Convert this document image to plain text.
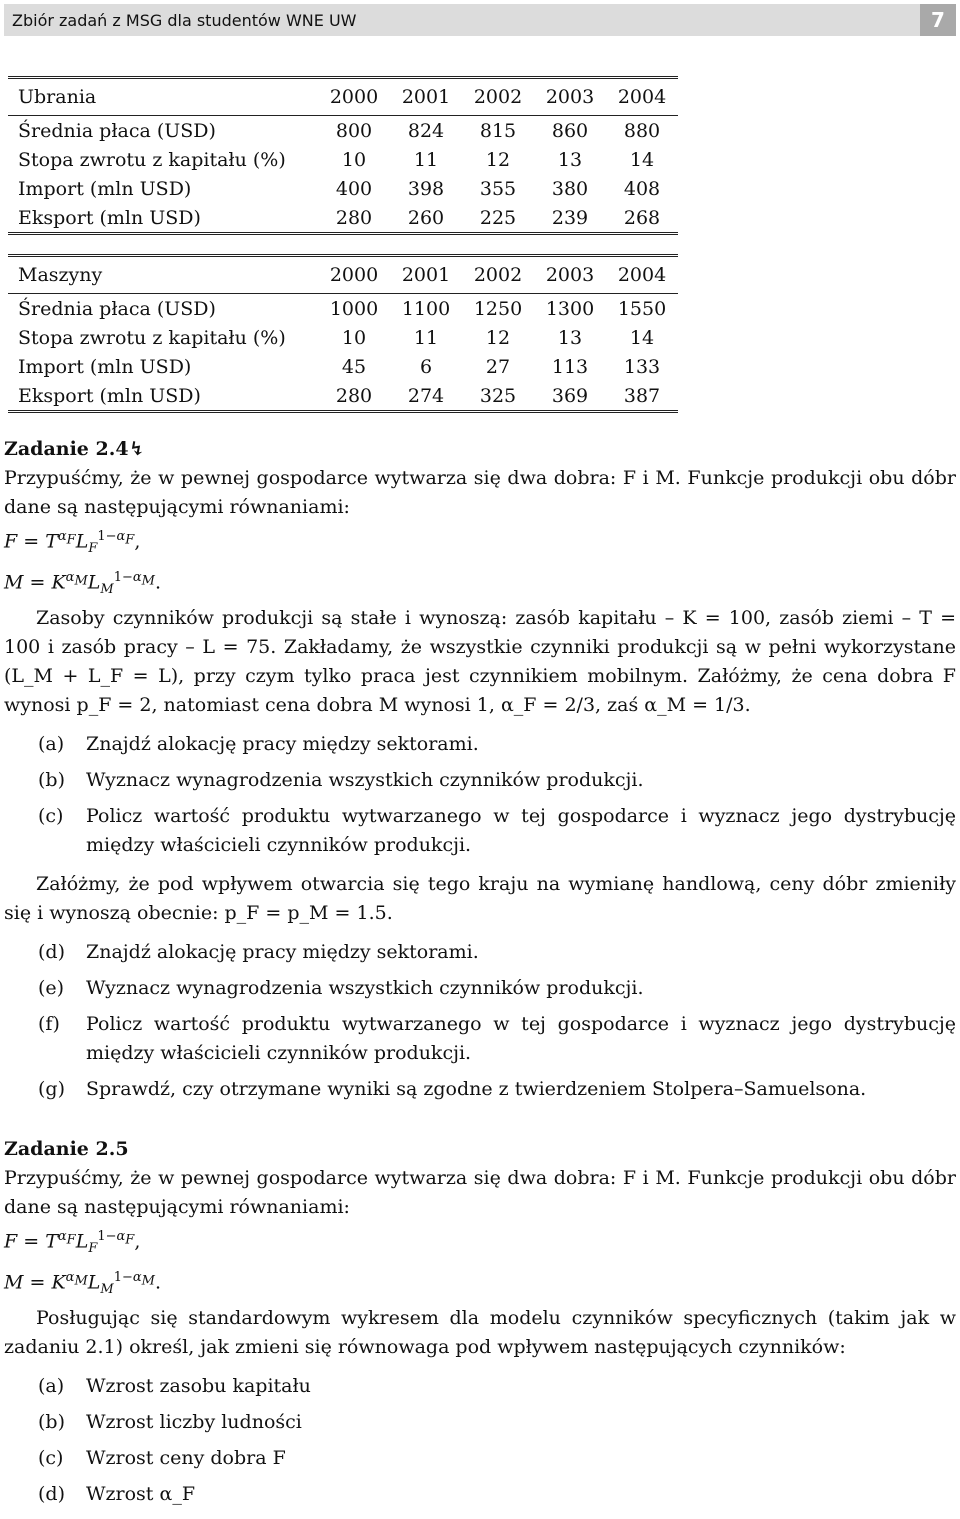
Zbiór zadań z MSG dla studentów WNE UW	7
Ubrania	2000	2001	2002	2003	2004
Średnia płaca (USD)	800	824	815	860	880
Stopa zwrotu z kapitału (%)	10	11	12	13	14
Import (mln USD)	400	398	355	380	408
Eksport (mln USD)	280	260	225	239	268
Maszyny	2000	2001	2002	2003	2004
Średnia płaca (USD)	1000	1100	1250	1300	1550
Stopa zwrotu z kapitału (%)	10	11	12	13	14
Import (mln USD)	45	6	27	113	133
Eksport (mln USD)	280	274	325	369	387
Zadanie 2.4↯
Przypuśćmy, że w pewnej gospodarce wytwarza się dwa dobra: F i M. Funkcje produkcji obu dóbr dane są następującymi równaniami:
$F = T^{\alpha_F}L_F^{1-\alpha_F}$,
$M = K^{\alpha_M}L_M^{1-\alpha_M}$.
Zasoby czynników produkcji są stałe i wynoszą: zasób kapitału – K = 100, zasób ziemi – T = 100 i zasób pracy – L = 75. Zakładamy, że wszystkie czynniki produkcji są w pełni wykorzystane (L_M + L_F = L), przy czym tylko praca jest czynnikiem mobilnym. Załóżmy, że cena dobra F wynosi p_F = 2, natomiast cena dobra M wynosi 1, α_F = 2/3, zaś α_M = 1/3.
(a)	Znajdź alokację pracy między sektorami.
(b)	Wyznacz wynagrodzenia wszystkich czynników produkcji.
(c)	Policz wartość produktu wytwarzanego w tej gospodarce i wyznacz jego dystrybucję między właścicieli czynników produkcji.
Załóżmy, że pod wpływem otwarcia się tego kraju na wymianę handlową, ceny dóbr zmieniły się i wynoszą obecnie: p_F = p_M = 1.5.
(d)	Znajdź alokację pracy między sektorami.
(e)	Wyznacz wynagrodzenia wszystkich czynników produkcji.
(f)	Policz wartość produktu wytwarzanego w tej gospodarce i wyznacz jego dystrybucję między właścicieli czynników produkcji.
(g)	Sprawdź, czy otrzymane wyniki są zgodne z twierdzeniem Stolpera–Samuelsona.
Zadanie 2.5
Przypuśćmy, że w pewnej gospodarce wytwarza się dwa dobra: F i M. Funkcje produkcji obu dóbr dane są następującymi równaniami:
$F = T^{\alpha_F}L_F^{1-\alpha_F}$,
$M = K^{\alpha_M}L_M^{1-\alpha_M}$.
Posługując się standardowym wykresem dla modelu czynników specyficznych (takim jak w zadaniu 2.1) określ, jak zmieni się równowaga pod wpływem następujących czynników:
(a)	Wzrost zasobu kapitału
(b)	Wzrost liczby ludności
(c)	Wzrost ceny dobra F
(d)	Wzrost α_F
